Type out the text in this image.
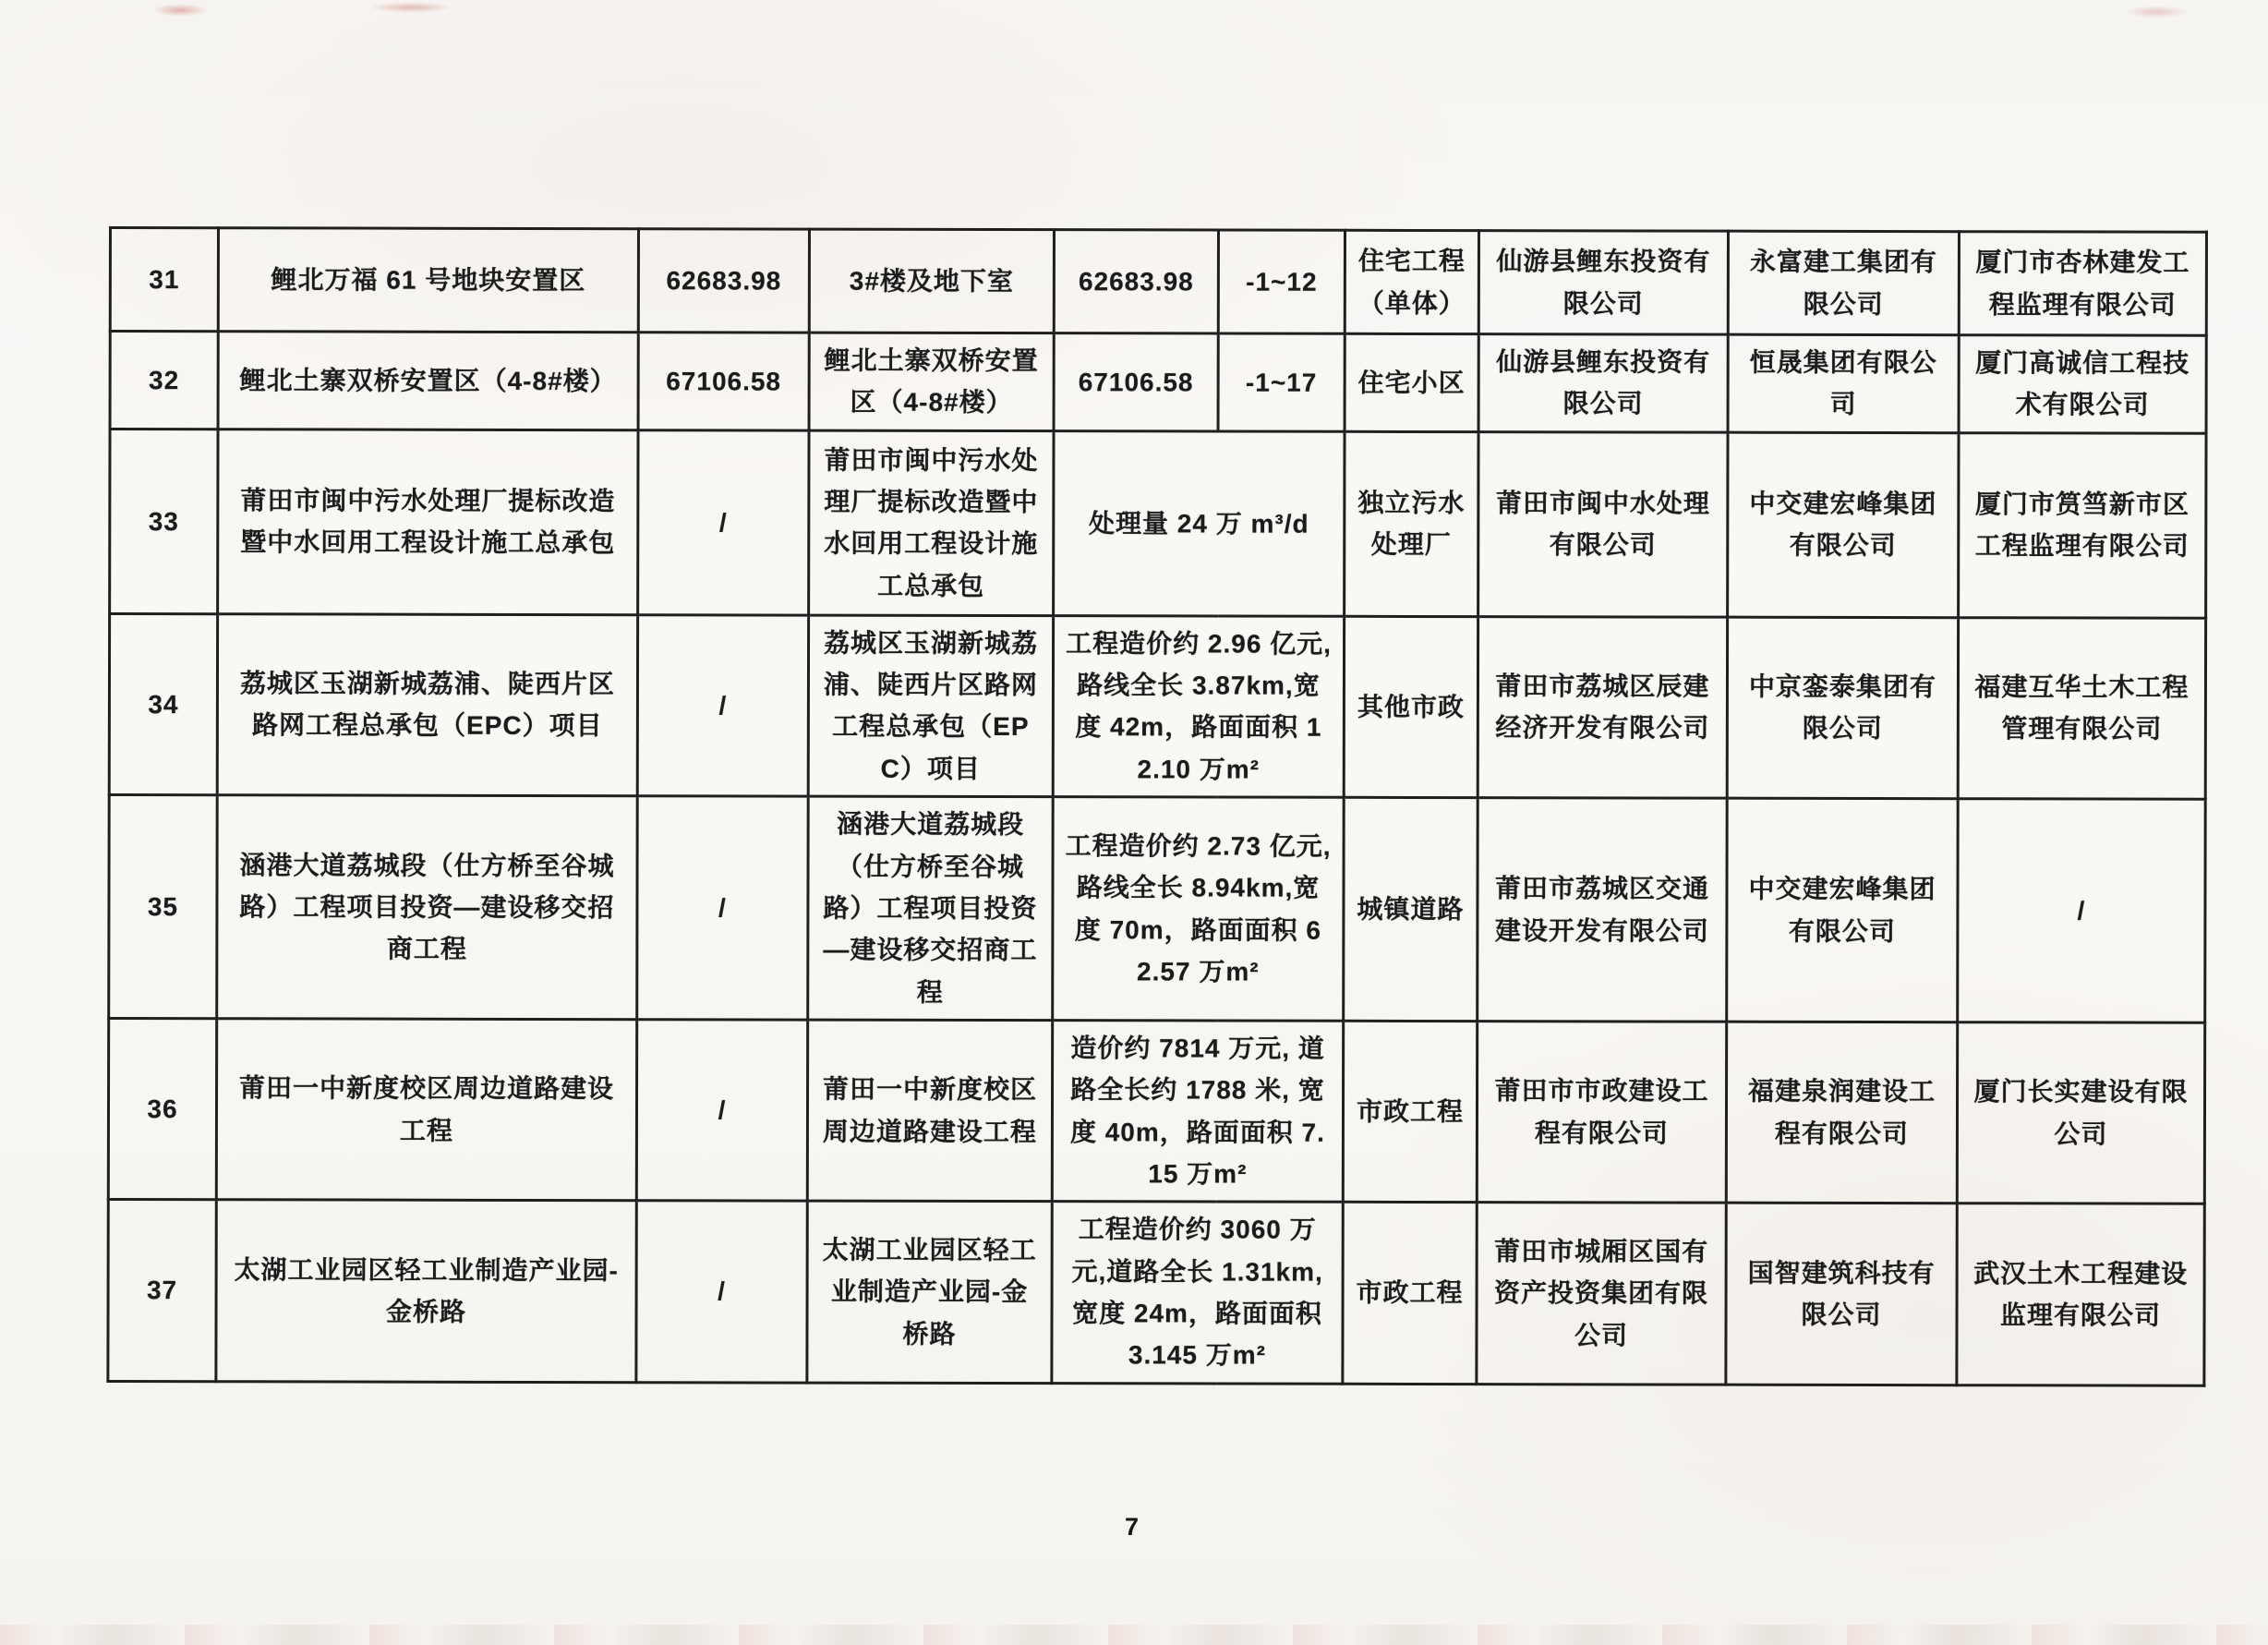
31	鲤北万福 61 号地块安置区	62683.98	3#楼及地下室	62683.98	-1~12	住宅工程（单体）	仙游县鲤东投资有限公司	永富建工集团有限公司	厦门市杏林建发工程监理有限公司
32	鲤北土寨双桥安置区（4-8#楼）	67106.58	鲤北土寨双桥安置区（4-8#楼）	67106.58	-1~17	住宅小区	仙游县鲤东投资有限公司	恒晟集团有限公司	厦门高诚信工程技术有限公司
33	莆田市闽中污水处理厂提标改造暨中水回用工程设计施工总承包	/	莆田市闽中污水处理厂提标改造暨中水回用工程设计施工总承包	处理量 24 万 m³/d		独立污水处理厂	莆田市闽中水处理有限公司	中交建宏峰集团有限公司	厦门市筼筜新市区工程监理有限公司
34	荔城区玉湖新城荔浦、陡西片区路网工程总承包（EPC）项目	/	荔城区玉湖新城荔浦、陡西片区路网工程总承包（EPC）项目	工程造价约 2.96 亿元,路线全长 3.87km,宽度 42m，路面面积 12.10 万m²		其他市政	莆田市荔城区辰建经济开发有限公司	中京銮泰集团有限公司	福建互华土木工程管理有限公司
35	涵港大道荔城段（仕方桥至谷城路）工程项目投资—建设移交招商工程	/	涵港大道荔城段（仕方桥至谷城路）工程项目投资—建设移交招商工程	工程造价约 2.73 亿元,路线全长 8.94km,宽度 70m，路面面积 62.57 万m²		城镇道路	莆田市荔城区交通建设开发有限公司	中交建宏峰集团有限公司	/
36	莆田一中新度校区周边道路建设工程	/	莆田一中新度校区周边道路建设工程	造价约 7814 万元, 道路全长约 1788 米, 宽度 40m，路面面积 7.15 万m²		市政工程	莆田市市政建设工程有限公司	福建泉润建设工程有限公司	厦门长实建设有限公司
37	太湖工业园区轻工业制造产业园-金桥路	/	太湖工业园区轻工业制造产业园-金桥路	工程造价约 3060 万元,道路全长 1.31km, 宽度 24m，路面面积 3.145 万m²		市政工程	莆田市城厢区国有资产投资集团有限公司	国智建筑科技有限公司	武汉土木工程建设监理有限公司
7
